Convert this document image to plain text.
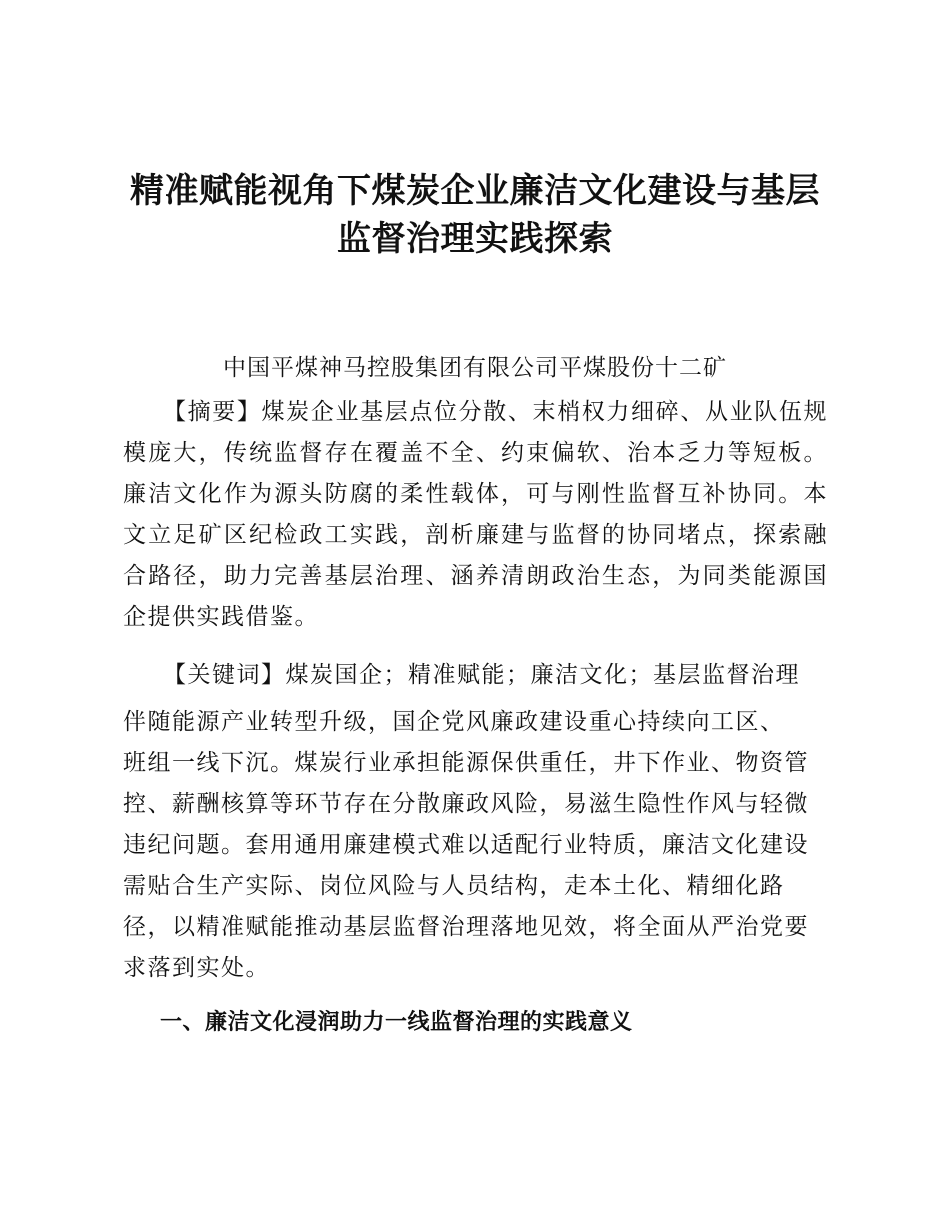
精准赋能视角下煤炭企业廉洁文化建设与基层
监督治理实践探索
中国平煤神马控股集团有限公司平煤股份十二矿
【摘要】煤炭企业基层点位分散、末梢权力细碎、从业队伍规模庞大，传统监督存在覆盖不全、约束偏软、治本乏力等短板。廉洁文化作为源头防腐的柔性载体，可与刚性监督互补协同。本文立足矿区纪检政工实践，剖析廉建与监督的协同堵点，探索融合路径，助力完善基层治理、涵养清朗政治生态，为同类能源国企提供实践借鉴。
【关键词】煤炭国企；精准赋能；廉洁文化；基层监督治理
伴随能源产业转型升级，国企党风廉政建设重心持续向工区、
班组一线下沉。煤炭行业承担能源保供重任，井下作业、物资管
控、薪酬核算等环节存在分散廉政风险，易滋生隐性作风与轻微
违纪问题。套用通用廉建模式难以适配行业特质，廉洁文化建设
需贴合生产实际、岗位风险与人员结构，走本土化、精细化路
径，以精准赋能推动基层监督治理落地见效，将全面从严治党要
求落到实处。
一、廉洁文化浸润助力一线监督治理的实践意义
